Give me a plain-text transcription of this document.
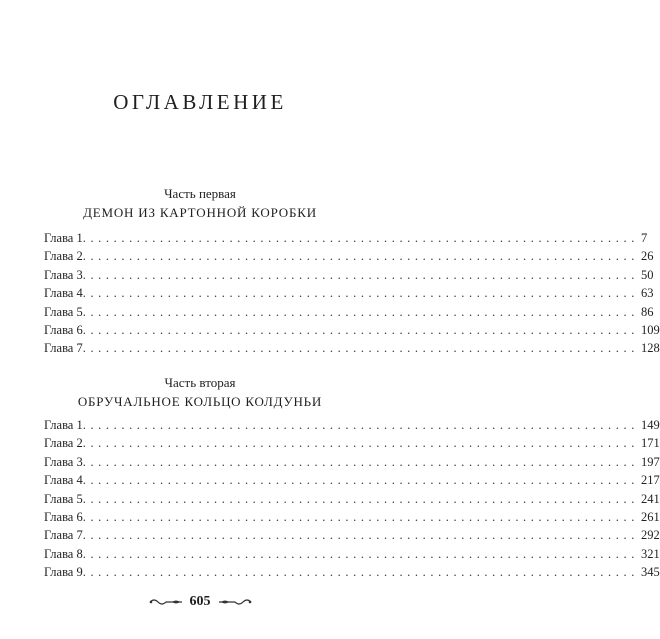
ОГЛАВЛЕНИЕ
Часть первая
ДЕМОН ИЗ КАРТОННОЙ КОРОБКИ
Глава 1 ........................................................................ 7
Глава 2 ........................................................................ 26
Глава 3 ........................................................................ 50
Глава 4 ........................................................................ 63
Глава 5 ........................................................................ 86
Глава 6 ........................................................................ 109
Глава 7 ........................................................................ 128
Часть вторая
ОБРУЧАЛЬНОЕ КОЛЬЦО КОЛДУНЬИ
Глава 1 ........................................................................ 149
Глава 2 ........................................................................ 171
Глава 3 ........................................................................ 197
Глава 4 ........................................................................ 217
Глава 5 ........................................................................ 241
Глава 6 ........................................................................ 261
Глава 7 ........................................................................ 292
Глава 8 ........................................................................ 321
Глава 9 ........................................................................ 345
605
